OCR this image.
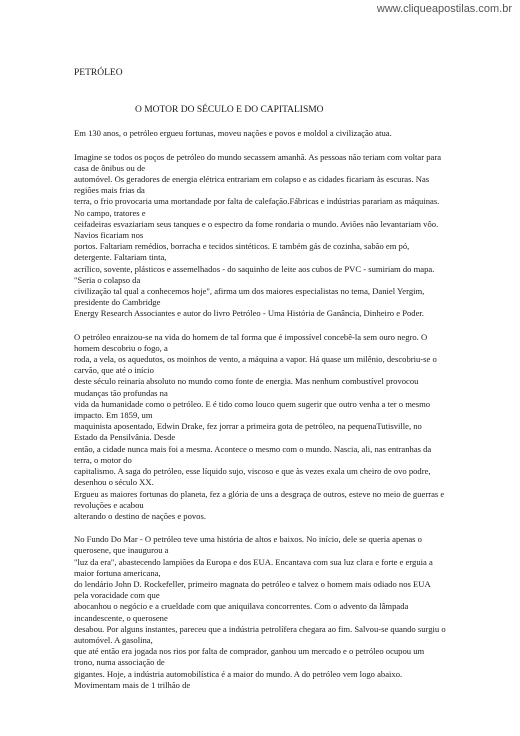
www.cliqueapostilas.com.br
PETRÓLEO
O MOTOR DO SÉCULO E DO CAPITALISMO

Em 130 anos, o petróleo ergueu fortunas, moveu nações e povos e moldol a civilização atua.

Imagine se todos os poços de petróleo do mundo secassem amanhã. As pessoas não teriam com voltar para casa de ônibus ou de
automóvel. Os geradores de energia elétrica entrariam em colapso e as cidades ficariam às escuras. Nas regiões mais frias da
terra, o frio provocaria uma mortandade por falta de calefação.Fábricas e indústrias parariam as máquinas. No campo, tratores e
ceifadeiras esvaziariam seus tanques e o espectro da fome rondaria o mundo. Aviões não levantariam vôo. Navios ficariam nos
portos. Faltariam remédios, borracha e tecidos sintéticos. E também gás de cozinha, sabão em pó, detergente. Faltariam tinta,
acrílico, sovente, plásticos e assemelhados - do saquinho de leite aos cubos de PVC - sumiriam do mapa. "Seria o colapso da
civilização tal qual a conhecemos hoje", afirma um dos maiores especialistas no tema, Daniel Yergim, presidente do Cambridge
Energy Research Associantes e autor do livro Petróleo - Uma História de Ganância, Dinheiro e Poder.

O petróleo enraizou-se na vida do homem de tal forma que é impossível concebê-la sem ouro negro. O homem descobriu o fogo, a
roda, a vela, os aquedutos, os moinhos de vento, a máquina a vapor. Há quase um milênio, descobriu-se o carvão, que até o início
deste século reinaria absoluto no mundo como fonte de energia. Mas nenhum combustível provocou mudanças tão profundas na
vida da humanidade como o petróleo. E é tido como louco quem sugerir que outro venha a ter o mesmo impacto. Em 1859, um
maquinista aposentado, Edwin Drake, fez jorrar a primeira gota de petróleo, na pequenaTutisville, no Estado da Pensilvânia. Desde
então, a cidade nunca mais foi a mesma. Acontece o mesmo com o mundo. Nascia, ali, nas entranhas da terra, o motor do
capitalismo. A saga do petróleo, esse líquido sujo, viscoso e que às vezes exala um cheiro de ovo podre, desenhou o século XX.
Ergueu as maiores fortunas do planeta, fez a glória de uns a desgraça de outros, esteve no meio de guerras e revoluções e acabou
alterando o destino de nações e povos.

No Fundo Do Mar - O petróleo teve uma história de altos e baixos. No início, dele se queria apenas o querosene, que inaugurou a
"luz da era", abastecendo lampiões da Europa e dos EUA. Encantava com sua luz clara e forte e erguia a maior fortuna americana,
do lendário John D. Rockefeller, primeiro magnata do petróleo e talvez o homem mais odiado nos EUA pela voracidade com que
abocanhou o negócio e a crueldade com que aniquilava concorrentes. Com o advento da lâmpada incandescente, o querosene
desabou. Por alguns instantes, pareceu que a indústria petrolífera chegara ao fim. Salvou-se quando surgiu o automóvel. A gasolina,
que até então era jogada nos rios por falta de comprador, ganhou um mercado e o petróleo ocupou um trono, numa associação de
gigantes. Hoje, a indústria automobilística é a maior do mundo. A do petróleo vem logo abaixo. Movimentam mais de 1 trilhão de
